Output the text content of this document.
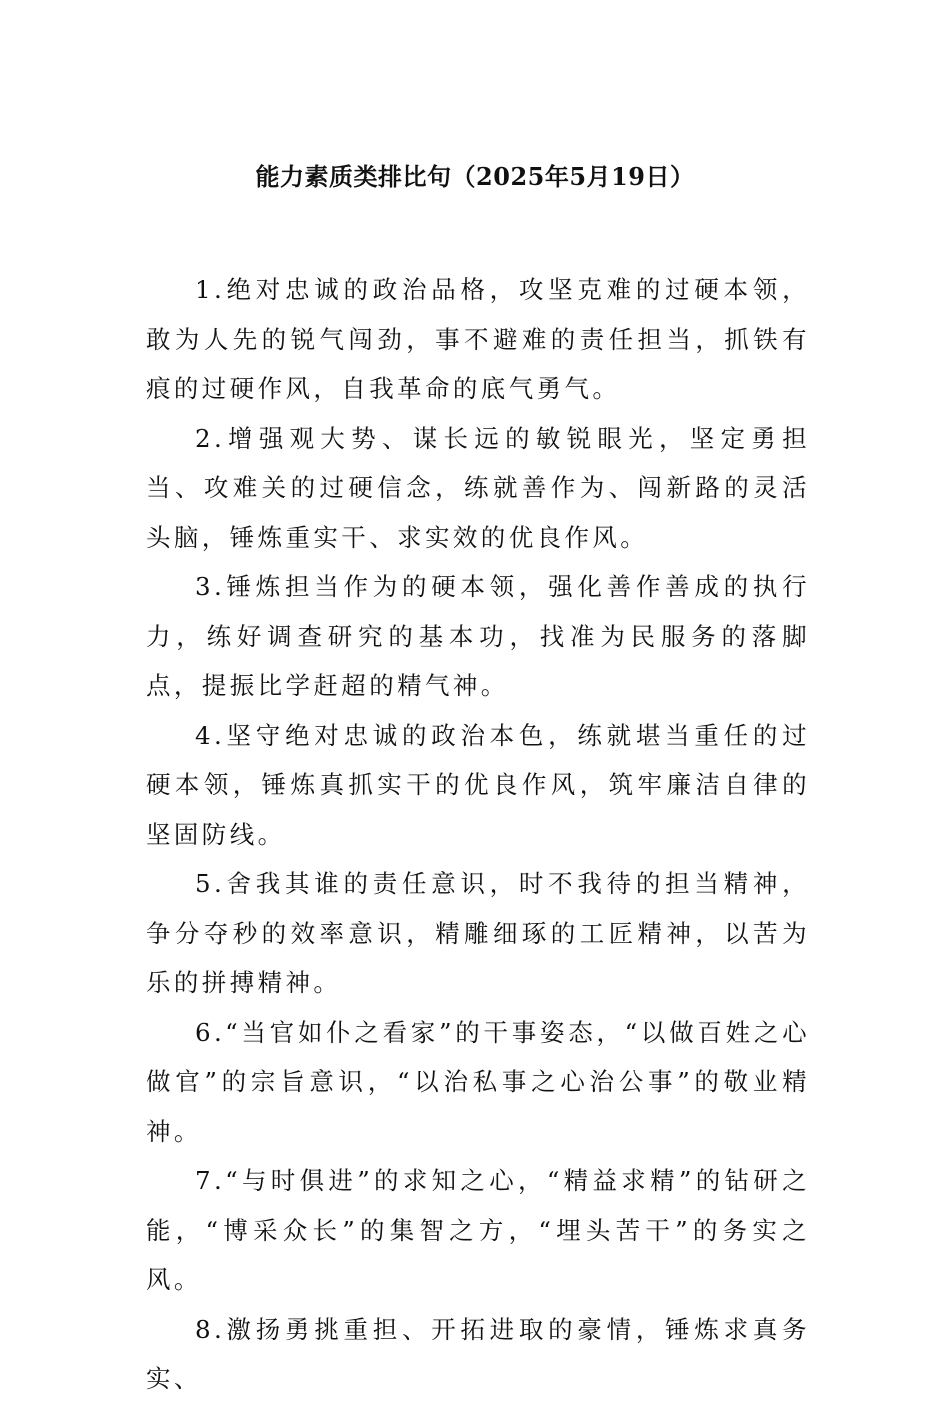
能力素质类排比句（2025年5月19日）

1.绝对忠诚的政治品格，攻坚克难的过硬本领，敢为人先的锐气闯劲，事不避难的责任担当，抓铁有痕的过硬作风，自我革命的底气勇气。

2.增强观大势、谋长远的敏锐眼光，坚定勇担当、攻难关的过硬信念，练就善作为、闯新路的灵活头脑，锤炼重实干、求实效的优良作风。

3.锤炼担当作为的硬本领，强化善作善成的执行力，练好调查研究的基本功，找准为民服务的落脚点，提振比学赶超的精气神。

4.坚守绝对忠诚的政治本色，练就堪当重任的过硬本领，锤炼真抓实干的优良作风，筑牢廉洁自律的坚固防线。

5.舍我其谁的责任意识，时不我待的担当精神，争分夺秒的效率意识，精雕细琢的工匠精神，以苦为乐的拼搏精神。

6.“当官如仆之看家”的干事姿态，“以做百姓之心做官”的宗旨意识，“以治私事之心治公事”的敬业精神。

7.“与时俱进”的求知之心，“精益求精”的钻研之能，“博采众长”的集智之方，“埋头苦干”的务实之风。

8.激扬勇挑重担、开拓进取的豪情，锤炼求真务实、
